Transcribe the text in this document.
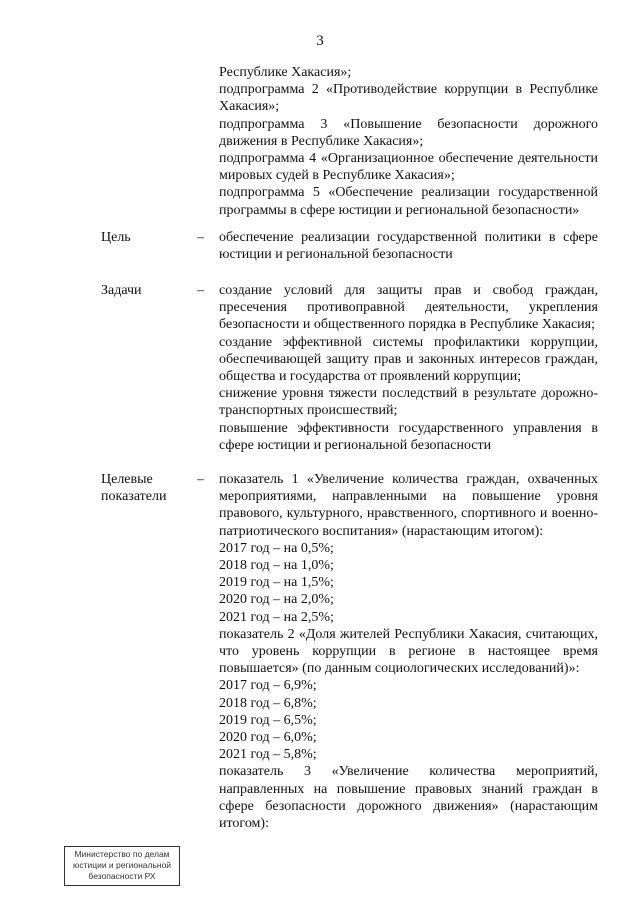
3

Республике Хакасия»;

подпрограмма 2 «Противодействие коррупции в Республике Хакасия»;

подпрограмма 3 «Повышение безопасности дорожного движения в Республике Хакасия»;

подпрограмма 4 «Организационное обеспечение деятельности мировых судей в Республике Хакасия»;

подпрограмма 5 «Обеспечение реализации государственной программы в сфере юстиции и региональной безопасности»

Цель	– обеспечение реализации государственной политики в сфере юстиции и региональной безопасности

Задачи	– создание условий для защиты прав и свобод граждан, пресечения противоправной деятельности, укрепления безопасности и общественного порядка в Республике Хакасия;

создание эффективной системы профилактики коррупции, обеспечивающей защиту прав и законных интересов граждан, общества и государства от проявлений коррупции;

снижение уровня тяжести последствий в результате дорожно-транспортных происшествий;

повышение эффективности государственного управления в сфере юстиции и региональной безопасности

Целевые показатели
– показатель 1 «Увеличение количества граждан, охваченных мероприятиями, направленными на повышение уровня правового, культурного, нравственного, спортивного и военно-патриотического воспитания» (нарастающим итогом):

2017 год – на 0,5%;

2018 год – на 1,0%;

2019 год – на 1,5%;

2020 год – на 2,0%;

2021 год – на 2,5%;

показатель 2 «Доля жителей Республики Хакасия, считающих, что уровень коррупции в регионе в настоящее время повышается» (по данным социологических исследований)»:

2017 год – 6,9%;

2018 год – 6,8%;

2019 год – 6,5%;

2020 год – 6,0%;

2021 год – 5,8%;

показатель 3 «Увеличение количества мероприятий, направленных на повышение правовых знаний граждан в сфере безопасности дорожного движения» (нарастающим итогом):

Министерство по делам
юстиции и региональной
безопасности РХ
